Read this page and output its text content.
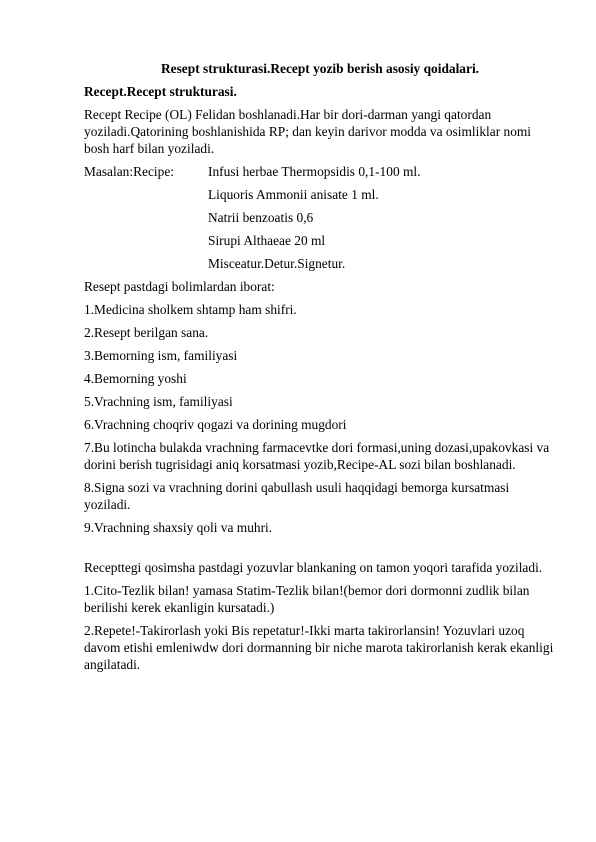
Resept strukturasi.Recept yozib berish asosiy qoidalari.
Recept.Recept strukturasi.

Recept Recipe (OL) Felidan boshlanadi.Har bir dori-darman yangi qatordan yoziladi.Qatorining boshlanishida RP; dan keyin darivor modda va osimliklar nomi bosh harf bilan yoziladi.

Masalan:Recipe:	Infusi herbae Thermopsidis 0,1-100 ml.
Liquoris Ammonii anisate 1 ml.
Natrii benzoatis 0,6
Sirupi Althaeae 20 ml
Misceatur.Detur.Signetur.

Resept pastdagi bolimlardan iborat:

1.Medicina sholkem shtamp ham shifri.
2.Resept berilgan sana.
3.Bemorning ism, familiyasi
4.Bemorning yoshi
5.Vrachning ism, familiyasi
6.Vrachning choqriv qogazi va dorining mugdori
7.Bu lotincha bulakda vrachning farmacevtke dori formasi,uning dozasi,upakovkasi va dorini berish tugrisidagi aniq korsatmasi yozib,Recipe-AL sozi bilan boshlanadi.
8.Signa sozi va vrachning dorini qabullash usuli haqqidagi bemorga kursatmasi yoziladi.
9.Vrachning shaxsiy qoli va muhri.

Recepttegi qosimsha pastdagi yozuvlar blankaning on tamon yoqori tarafida yoziladi.

1.Cito-Tezlik bilan! yamasa Statim-Tezlik bilan!(bemor dori dormonni zudlik bilan berilishi kerek ekanligin kursatadi.)
2.Repete!-Takirorlash yoki Bis repetatur!-Ikki marta takirorlansin! Yozuvlari uzoq davom etishi emleniwdw dori dormanning bir niche marota takirorlanish kerak ekanligi angilatadi.
